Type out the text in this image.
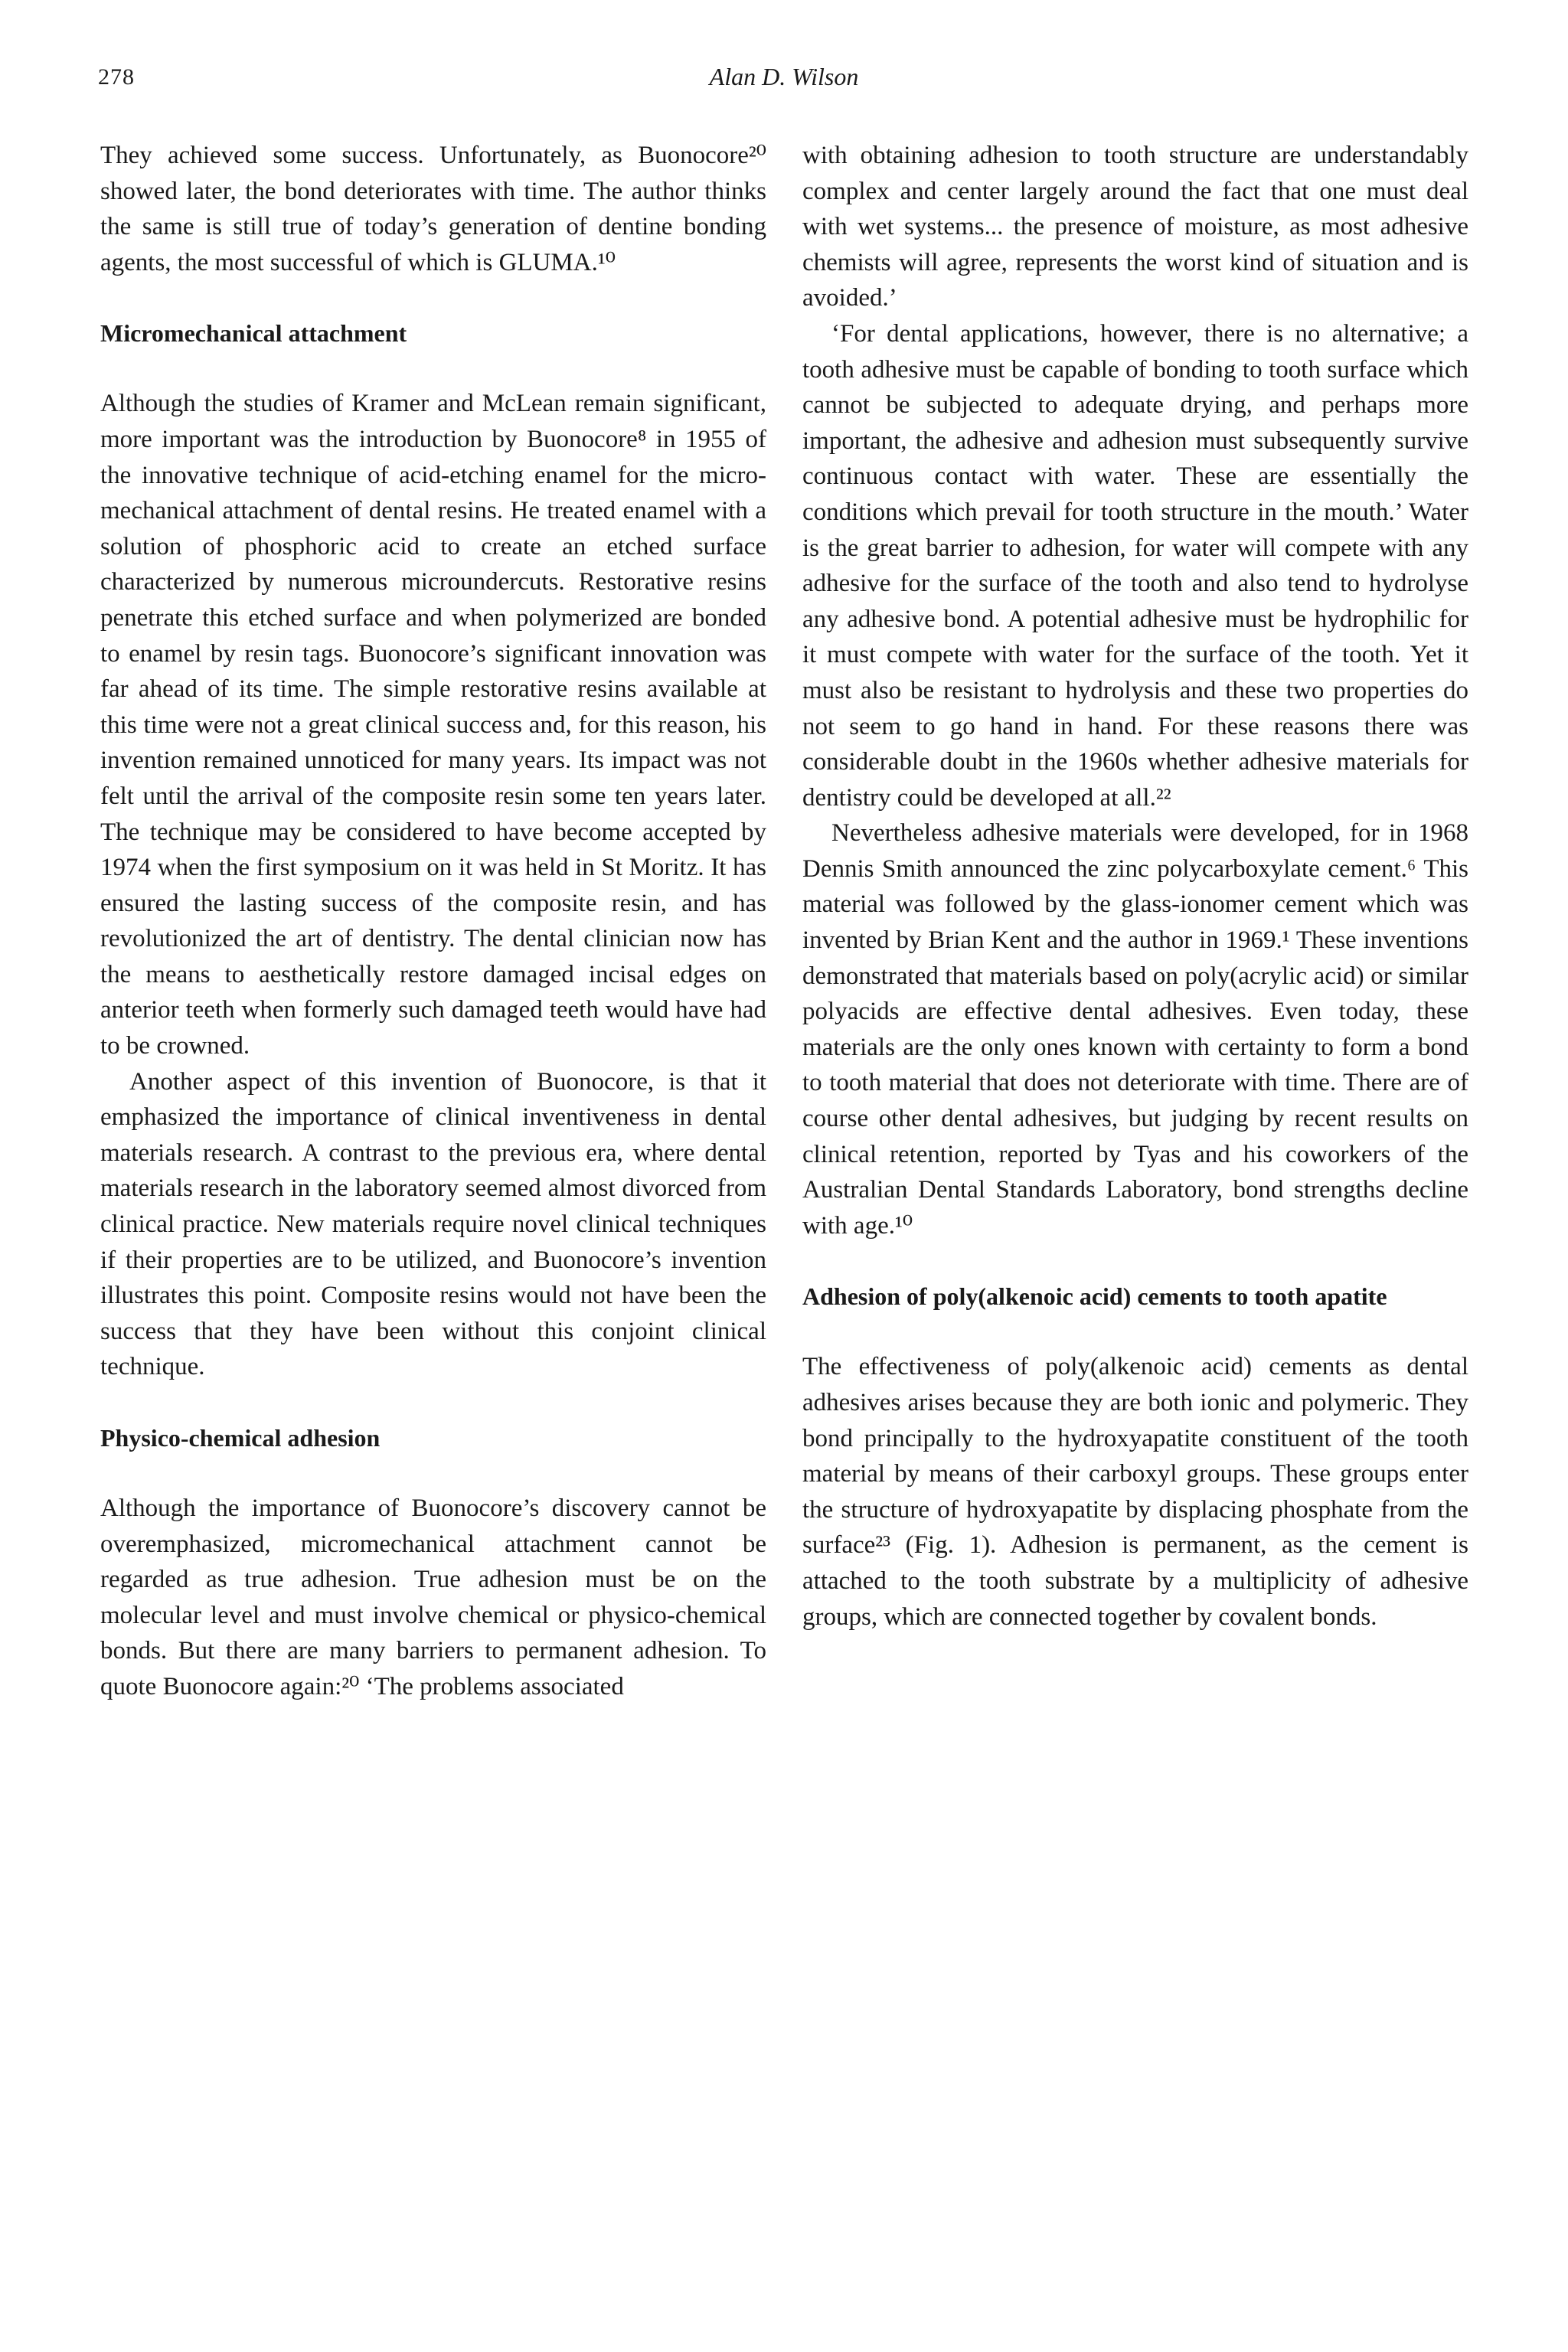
278	Alan D. Wilson

They achieved some success. Unfortunately, as Buonocore²⁰ showed later, the bond deteriorates with time. The author thinks the same is still true of today’s generation of dentine bonding agents, the most successful of which is GLUMA.¹⁰

Micromechanical attachment

Although the studies of Kramer and McLean remain significant, more important was the introduction by Buonocore⁸ in 1955 of the innovative technique of acid-etching enamel for the micromechanical attachment of dental resins. He treated enamel with a solution of phosphoric acid to create an etched surface characterized by numerous microundercuts. Restorative resins penetrate this etched surface and when polymerized are bonded to enamel by resin tags. Buonocore’s significant innovation was far ahead of its time. The simple restorative resins available at this time were not a great clinical success and, for this reason, his invention remained unnoticed for many years. Its impact was not felt until the arrival of the composite resin some ten years later. The technique may be considered to have become accepted by 1974 when the first symposium on it was held in St Moritz. It has ensured the lasting success of the composite resin, and has revolutionized the art of dentistry. The dental clinician now has the means to aesthetically restore damaged incisal edges on anterior teeth when formerly such damaged teeth would have had to be crowned.

Another aspect of this invention of Buonocore, is that it emphasized the importance of clinical inventiveness in dental materials research. A contrast to the previous era, where dental materials research in the laboratory seemed almost divorced from clinical practice. New materials require novel clinical techniques if their properties are to be utilized, and Buonocore’s invention illustrates this point. Composite resins would not have been the success that they have been without this conjoint clinical technique.

Physico-chemical adhesion

Although the importance of Buonocore’s discovery cannot be overemphasized, micromechanical attachment cannot be regarded as true adhesion. True adhesion must be on the molecular level and must involve chemical or physico-chemical bonds. But there are many barriers to permanent adhesion. To quote Buonocore again:²⁰ ‘The problems associated

with obtaining adhesion to tooth structure are understandably complex and center largely around the fact that one must deal with wet systems... the presence of moisture, as most adhesive chemists will agree, represents the worst kind of situation and is avoided.’

‘For dental applications, however, there is no alternative; a tooth adhesive must be capable of bonding to tooth surface which cannot be subjected to adequate drying, and perhaps more important, the adhesive and adhesion must subsequently survive continuous contact with water. These are essentially the conditions which prevail for tooth structure in the mouth.’ Water is the great barrier to adhesion, for water will compete with any adhesive for the surface of the tooth and also tend to hydrolyse any adhesive bond. A potential adhesive must be hydrophilic for it must compete with water for the surface of the tooth. Yet it must also be resistant to hydrolysis and these two properties do not seem to go hand in hand. For these reasons there was considerable doubt in the 1960s whether adhesive materials for dentistry could be developed at all.²²

Nevertheless adhesive materials were developed, for in 1968 Dennis Smith announced the zinc polycarboxylate cement.⁶ This material was followed by the glass-ionomer cement which was invented by Brian Kent and the author in 1969.¹ These inventions demonstrated that materials based on poly(acrylic acid) or similar polyacids are effective dental adhesives. Even today, these materials are the only ones known with certainty to form a bond to tooth material that does not deteriorate with time. There are of course other dental adhesives, but judging by recent results on clinical retention, reported by Tyas and his coworkers of the Australian Dental Standards Laboratory, bond strengths decline with age.¹⁰

Adhesion of poly(alkenoic acid) cements to tooth apatite

The effectiveness of poly(alkenoic acid) cements as dental adhesives arises because they are both ionic and polymeric. They bond principally to the hydroxyapatite constituent of the tooth material by means of their carboxyl groups. These groups enter the structure of hydroxyapatite by displacing phosphate from the surface²³ (Fig. 1). Adhesion is permanent, as the cement is attached to the tooth substrate by a multiplicity of adhesive groups, which are connected together by covalent bonds.
